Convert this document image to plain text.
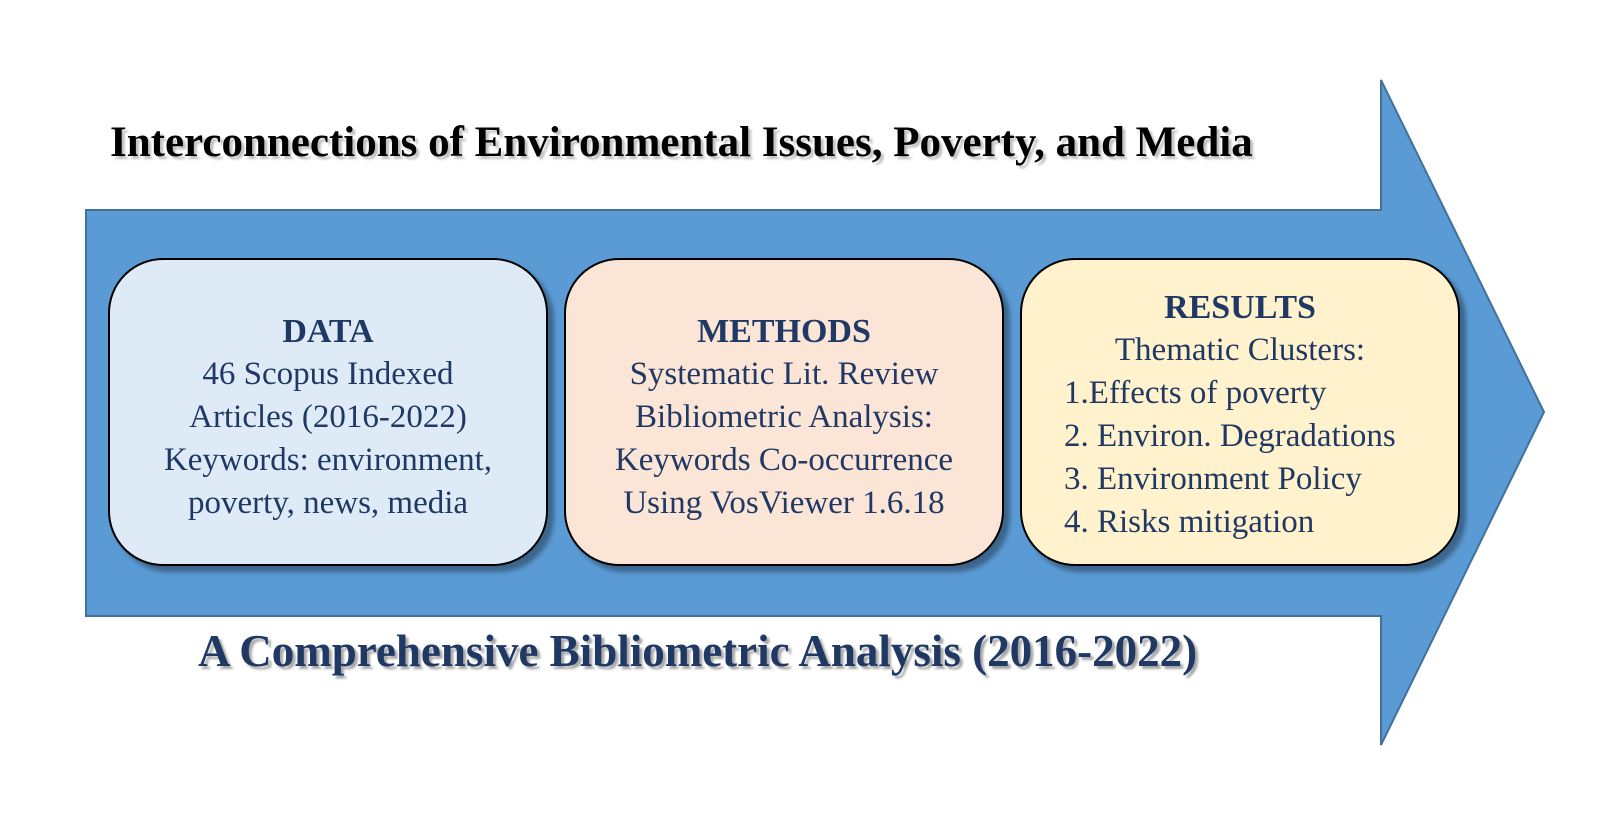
Interconnections of Environmental Issues, Poverty, and Media
DATA
46 Scopus Indexed
Articles (2016-2022)
Keywords: environment,
poverty, news, media
METHODS
Systematic Lit. Review
Bibliometric Analysis:
Keywords Co-occurrence
Using VosViewer 1.6.18
RESULTS
Thematic Clusters:
1.Effects of poverty
2. Environ. Degradations
3. Environment Policy
4. Risks mitigation
A Comprehensive Bibliometric Analysis (2016-2022)
